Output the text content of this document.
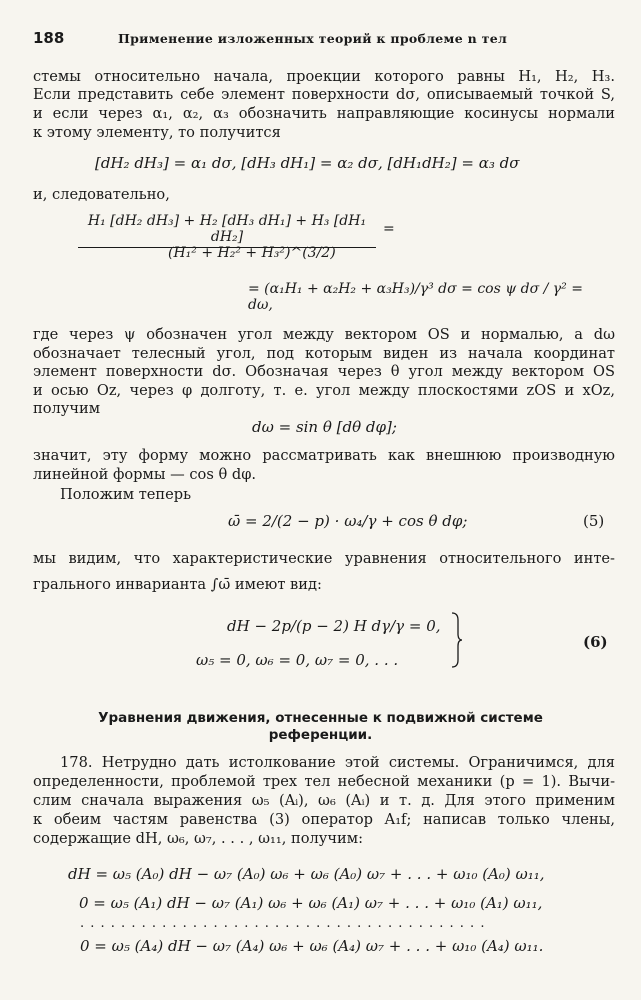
188	Применение изложенных теорий к проблеме n тел
стемы относительно начала, проекции которого равны H₁, H₂, H₃.
Если представить себе элемент поверхности dσ, описываемый точкой S,
и если через α₁, α₂, α₃ обозначить направляющие косинусы нормали
к этому элементу, то получится
[dH₂ dH₃] = α₁ dσ, [dH₃ dH₁] = α₂ dσ, [dH₁dH₂] = α₃ dσ
и, следовательно,
H₁ [dH₂ dH₃] + H₂ [dH₃ dH₁] + H₃ [dH₁ dH₂]	=
(H₁² + H₂² + H₃²)^(3/2)
= (α₁H₁ + α₂H₂ + α₃H₃)/γ³ dσ = cos ψ dσ / γ² = dω,
где через ψ обозначен угол между вектором OS и нормалью, а dω
обозначает телесный угол, под которым виден из начала координат
элемент поверхности dσ. Обозначая через θ угол между вектором OS
и осью Oz, через φ долготу, т. е. угол между плоскостями zOS и xOz,
получим
dω = sin θ [dθ dφ];
значит, эту форму можно рассматривать как внешнюю производную
линейной формы — cos θ dφ.
Положим теперь
ω̄ = 2/(2 − p) · ω₄/γ + cos θ dφ;	(5)
мы видим, что характеристические уравнения относительного инте-
грального инварианта ∫ω̄ имеют вид:
dH − 2p/(p − 2) H dγ/γ = 0,
ω₅ = 0, ω₆ = 0, ω₇ = 0, . . .
(6)
Уравнения движения, отнесенные к подвижной системе
референции.
178. Нетрудно дать истолкование этой системы. Ограничимся, для
определенности, проблемой трех тел небесной механики (p = 1). Вычи-
слим сначала выражения ω₅ (Aᵢ), ω₆ (Aᵢ) и т. д. Для этого применим
к обеим частям равенства (3) оператор A₁f; написав только члены,
содержащие dH, ω₆, ω₇, . . . , ω₁₁, получим:
dH = ω₅ (A₀) dH − ω₇ (A₀) ω₆ + ω₆ (A₀) ω₇ + . . . + ω₁₀ (A₀) ω₁₁,
0 = ω₅ (A₁) dH − ω₇ (A₁) ω₆ + ω₆ (A₁) ω₇ + . . . + ω₁₀ (A₁) ω₁₁,
. . . . . . . . . . . . . . . . . . . . . . . . . . . . . . . . . . . . . . . .
0 = ω₅ (A₄) dH − ω₇ (A₄) ω₆ + ω₆ (A₄) ω₇ + . . . + ω₁₀ (A₄) ω₁₁.
